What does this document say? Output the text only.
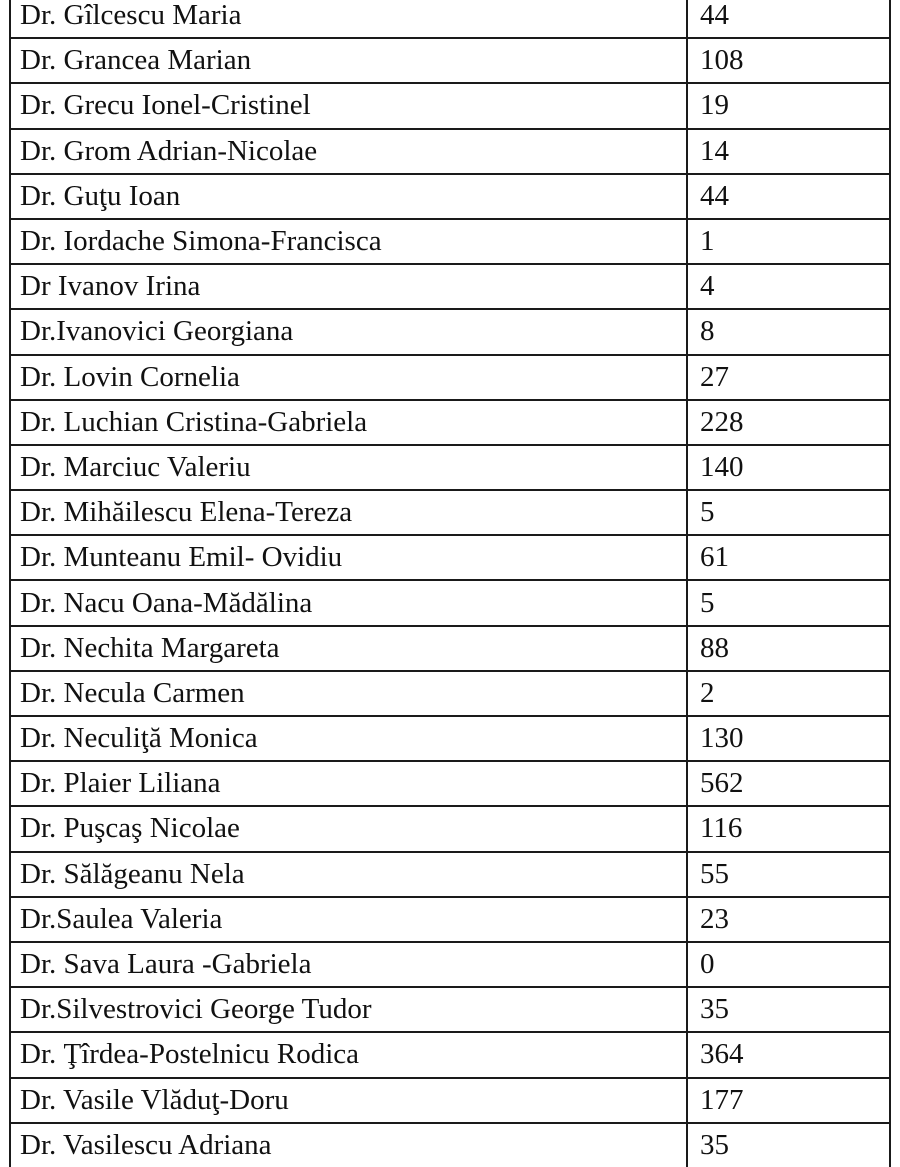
Dr. Gîlcescu Maria	44
Dr. Grancea Marian	108
Dr. Grecu Ionel-Cristinel	19
Dr. Grom Adrian-Nicolae	14
Dr. Guţu Ioan	44
Dr. Iordache Simona-Francisca	1
Dr Ivanov Irina	4
Dr.Ivanovici Georgiana	8
Dr. Lovin Cornelia	27
Dr. Luchian Cristina-Gabriela	228
Dr. Marciuc Valeriu	140
Dr. Mihăilescu Elena-Tereza	5
Dr. Munteanu Emil- Ovidiu	61
Dr. Nacu Oana-Mădălina	5
Dr. Nechita Margareta	88
Dr. Necula Carmen	2
Dr. Neculiţă Monica	130
Dr. Plaier Liliana	562
Dr. Puşcaş Nicolae	116
Dr. Sălăgeanu Nela	55
Dr.Saulea Valeria	23
Dr. Sava Laura -Gabriela	0
Dr.Silvestrovici George Tudor	35
Dr. Ţîrdea-Postelnicu Rodica	364
Dr. Vasile Vlăduţ-Doru	177
Dr. Vasilescu Adriana	35
